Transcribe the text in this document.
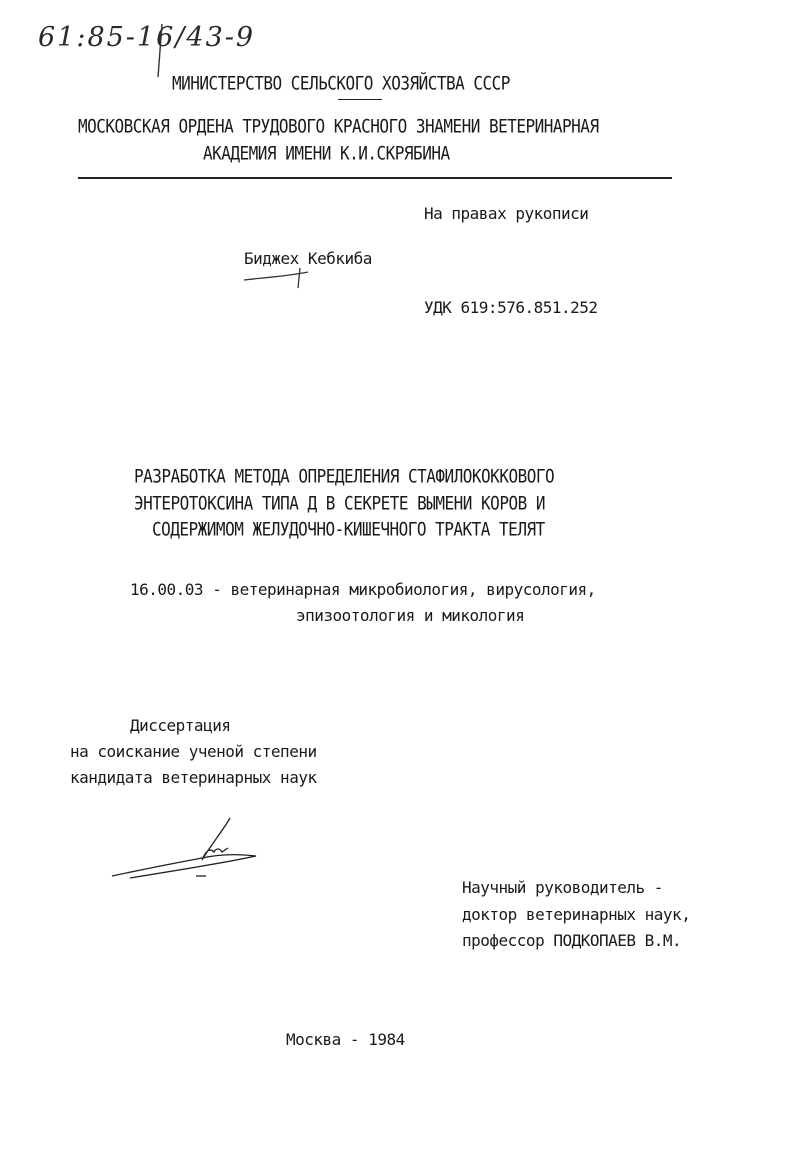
61:85-16/43-9
МИНИСТЕРСТВО СЕЛЬСКОГО ХОЗЯЙСТВА СССР
МОСКОВСКАЯ ОРДЕНА ТРУДОВОГО КРАСНОГО ЗНАМЕНИ ВЕТЕРИНАРНАЯ
АКАДЕМИЯ ИМЕНИ К.И.СКРЯБИНА
На правах рукописи
Биджех Кебкиба
УДК 619:576.851.252
РАЗРАБОТКА МЕТОДА ОПРЕДЕЛЕНИЯ СТАФИЛОКОККОВОГО
ЭНТЕРОТОКСИНА ТИПА Д В СЕКРЕТЕ ВЫМЕНИ КОРОВ И
СОДЕРЖИМОМ ЖЕЛУДОЧНО-КИШЕЧНОГО ТРАКТА ТЕЛЯТ
16.00.03 - ветеринарная микробиология, вирусология,
эпизоотология и микология
Диссертация
на соискание ученой степени
кандидата ветеринарных наук
Научный руководитель -
доктор ветеринарных наук,
профессор ПОДКОПАЕВ В.М.
Москва - 1984
